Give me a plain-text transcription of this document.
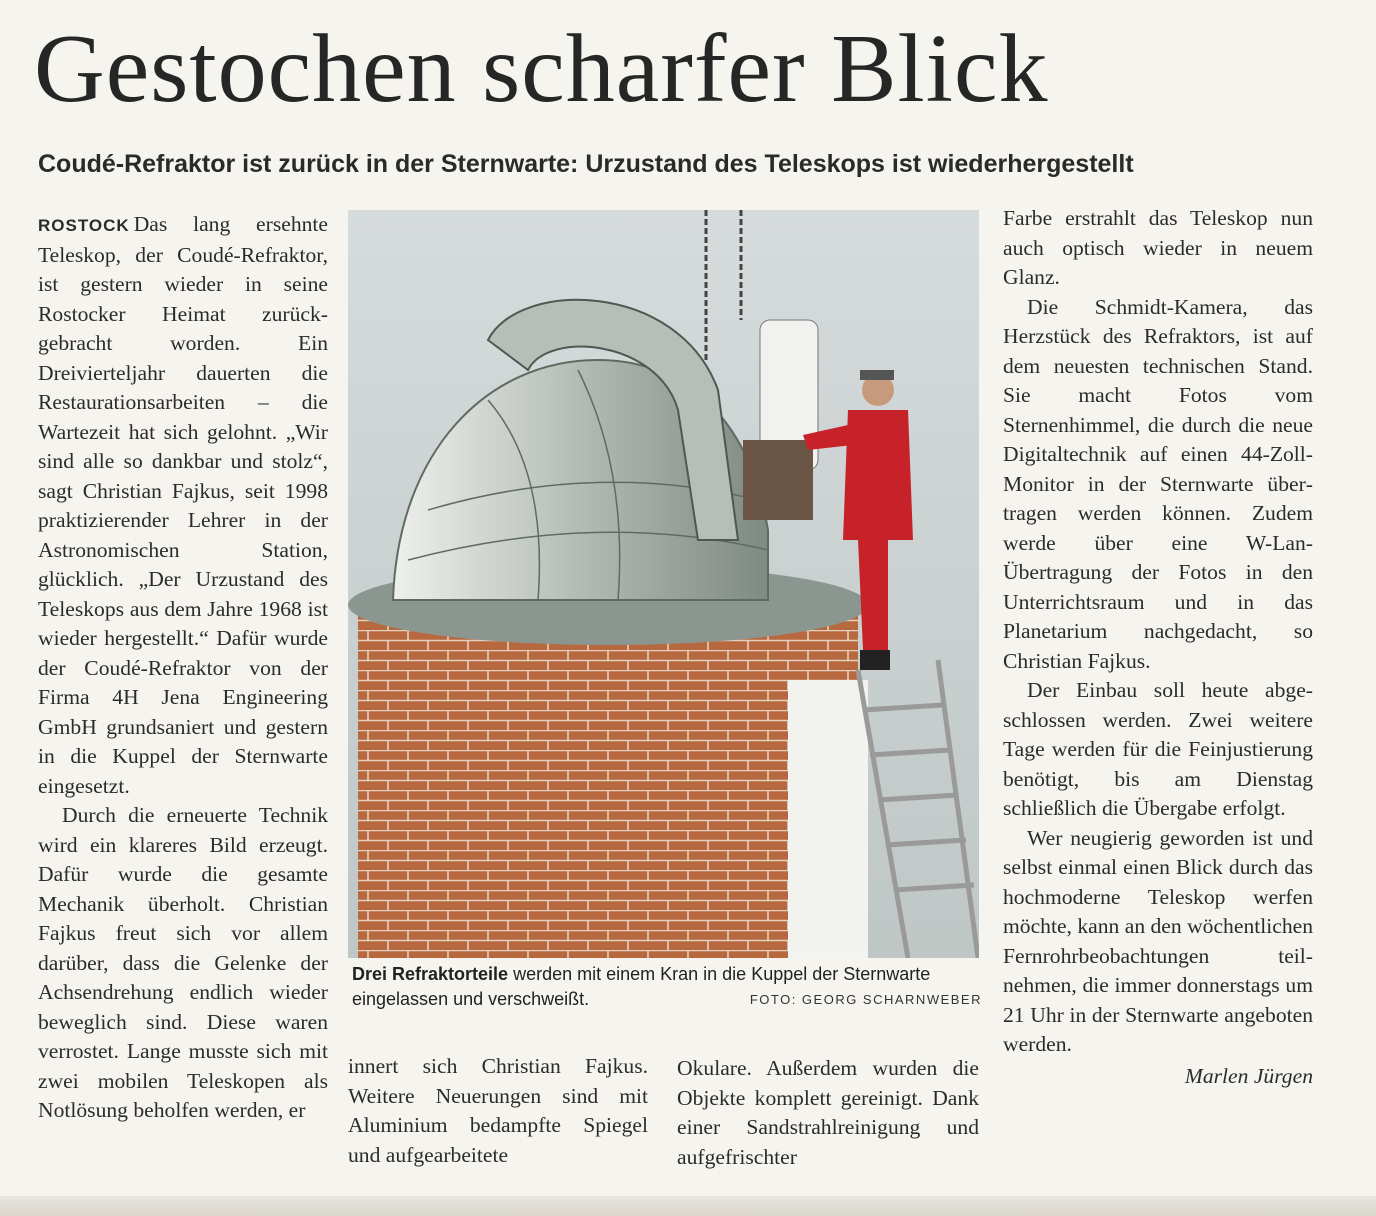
Gestochen scharfer Blick
Coudé-Refraktor ist zurück in der Sternwarte: Urzustand des Teleskops ist wiederhergestellt

ROSTOCK Das lang ersehnte Teleskop, der Coudé-Refraktor, ist gestern wieder in seine Rostocker Heimat zurückgebracht worden. Ein Dreivierteljahr dauerten die Restaurationsarbeiten – die Wartezeit hat sich gelohnt. „Wir sind alle so dankbar und stolz“, sagt Christian Fajkus, seit 1998 praktizierender Lehrer in der Astronomischen Station, glücklich. „Der Urzustand des Teleskops aus dem Jahre 1968 ist wieder hergestellt.“ Dafür wurde der Coudé-Refraktor von der Firma 4H Jena Engineering GmbH grundsaniert und gestern in die Kuppel der Sternwarte eingesetzt.

Durch die erneuerte Technik wird ein klareres Bild erzeugt. Dafür wurde die gesamte Mechanik überholt. Christian Fajkus freut sich vor allem darüber, dass die Gelenke der Achsendrehung endlich wieder beweglich sind. Diese waren verrostet. Lange musste sich mit zwei mobilen Teleskopen als Notlösung beholfen werden, er

Drei Refraktorteile werden mit einem Kran in die Kuppel der Sternwarte eingelassen und verschweißt.	FOTO: GEORG SCHARNWEBER

innert sich Christian Fajkus. Weitere Neuerungen sind mit Aluminium bedampfte Spiegel und aufgearbeitete

Okulare. Außerdem wurden die Objekte komplett gereinigt. Dank einer Sandstrahlreinigung und aufgefrischter

Farbe erstrahlt das Teleskop nun auch optisch wieder in neuem Glanz.

Die Schmidt-Kamera, das Herzstück des Refraktors, ist auf dem neuesten technischen Stand. Sie macht Fotos vom Sternenhimmel, die durch die neue Digitaltechnik auf einen 44-Zoll-Monitor in der Sternwarte übertragen werden können. Zudem werde über eine W-Lan-Übertragung der Fotos in den Unterrichtsraum und in das Planetarium nachgedacht, so Christian Fajkus.

Der Einbau soll heute abgeschlossen werden. Zwei weitere Tage werden für die Feinjustierung benötigt, bis am Dienstag schließlich die Übergabe erfolgt.

Wer neugierig geworden ist und selbst einmal einen Blick durch das hochmoderne Teleskop werfen möchte, kann an den wöchentlichen Fernrohrbeobachtungen teilnehmen, die immer donnerstags um 21 Uhr in der Sternwarte angeboten werden.

Marlen Jürgen
